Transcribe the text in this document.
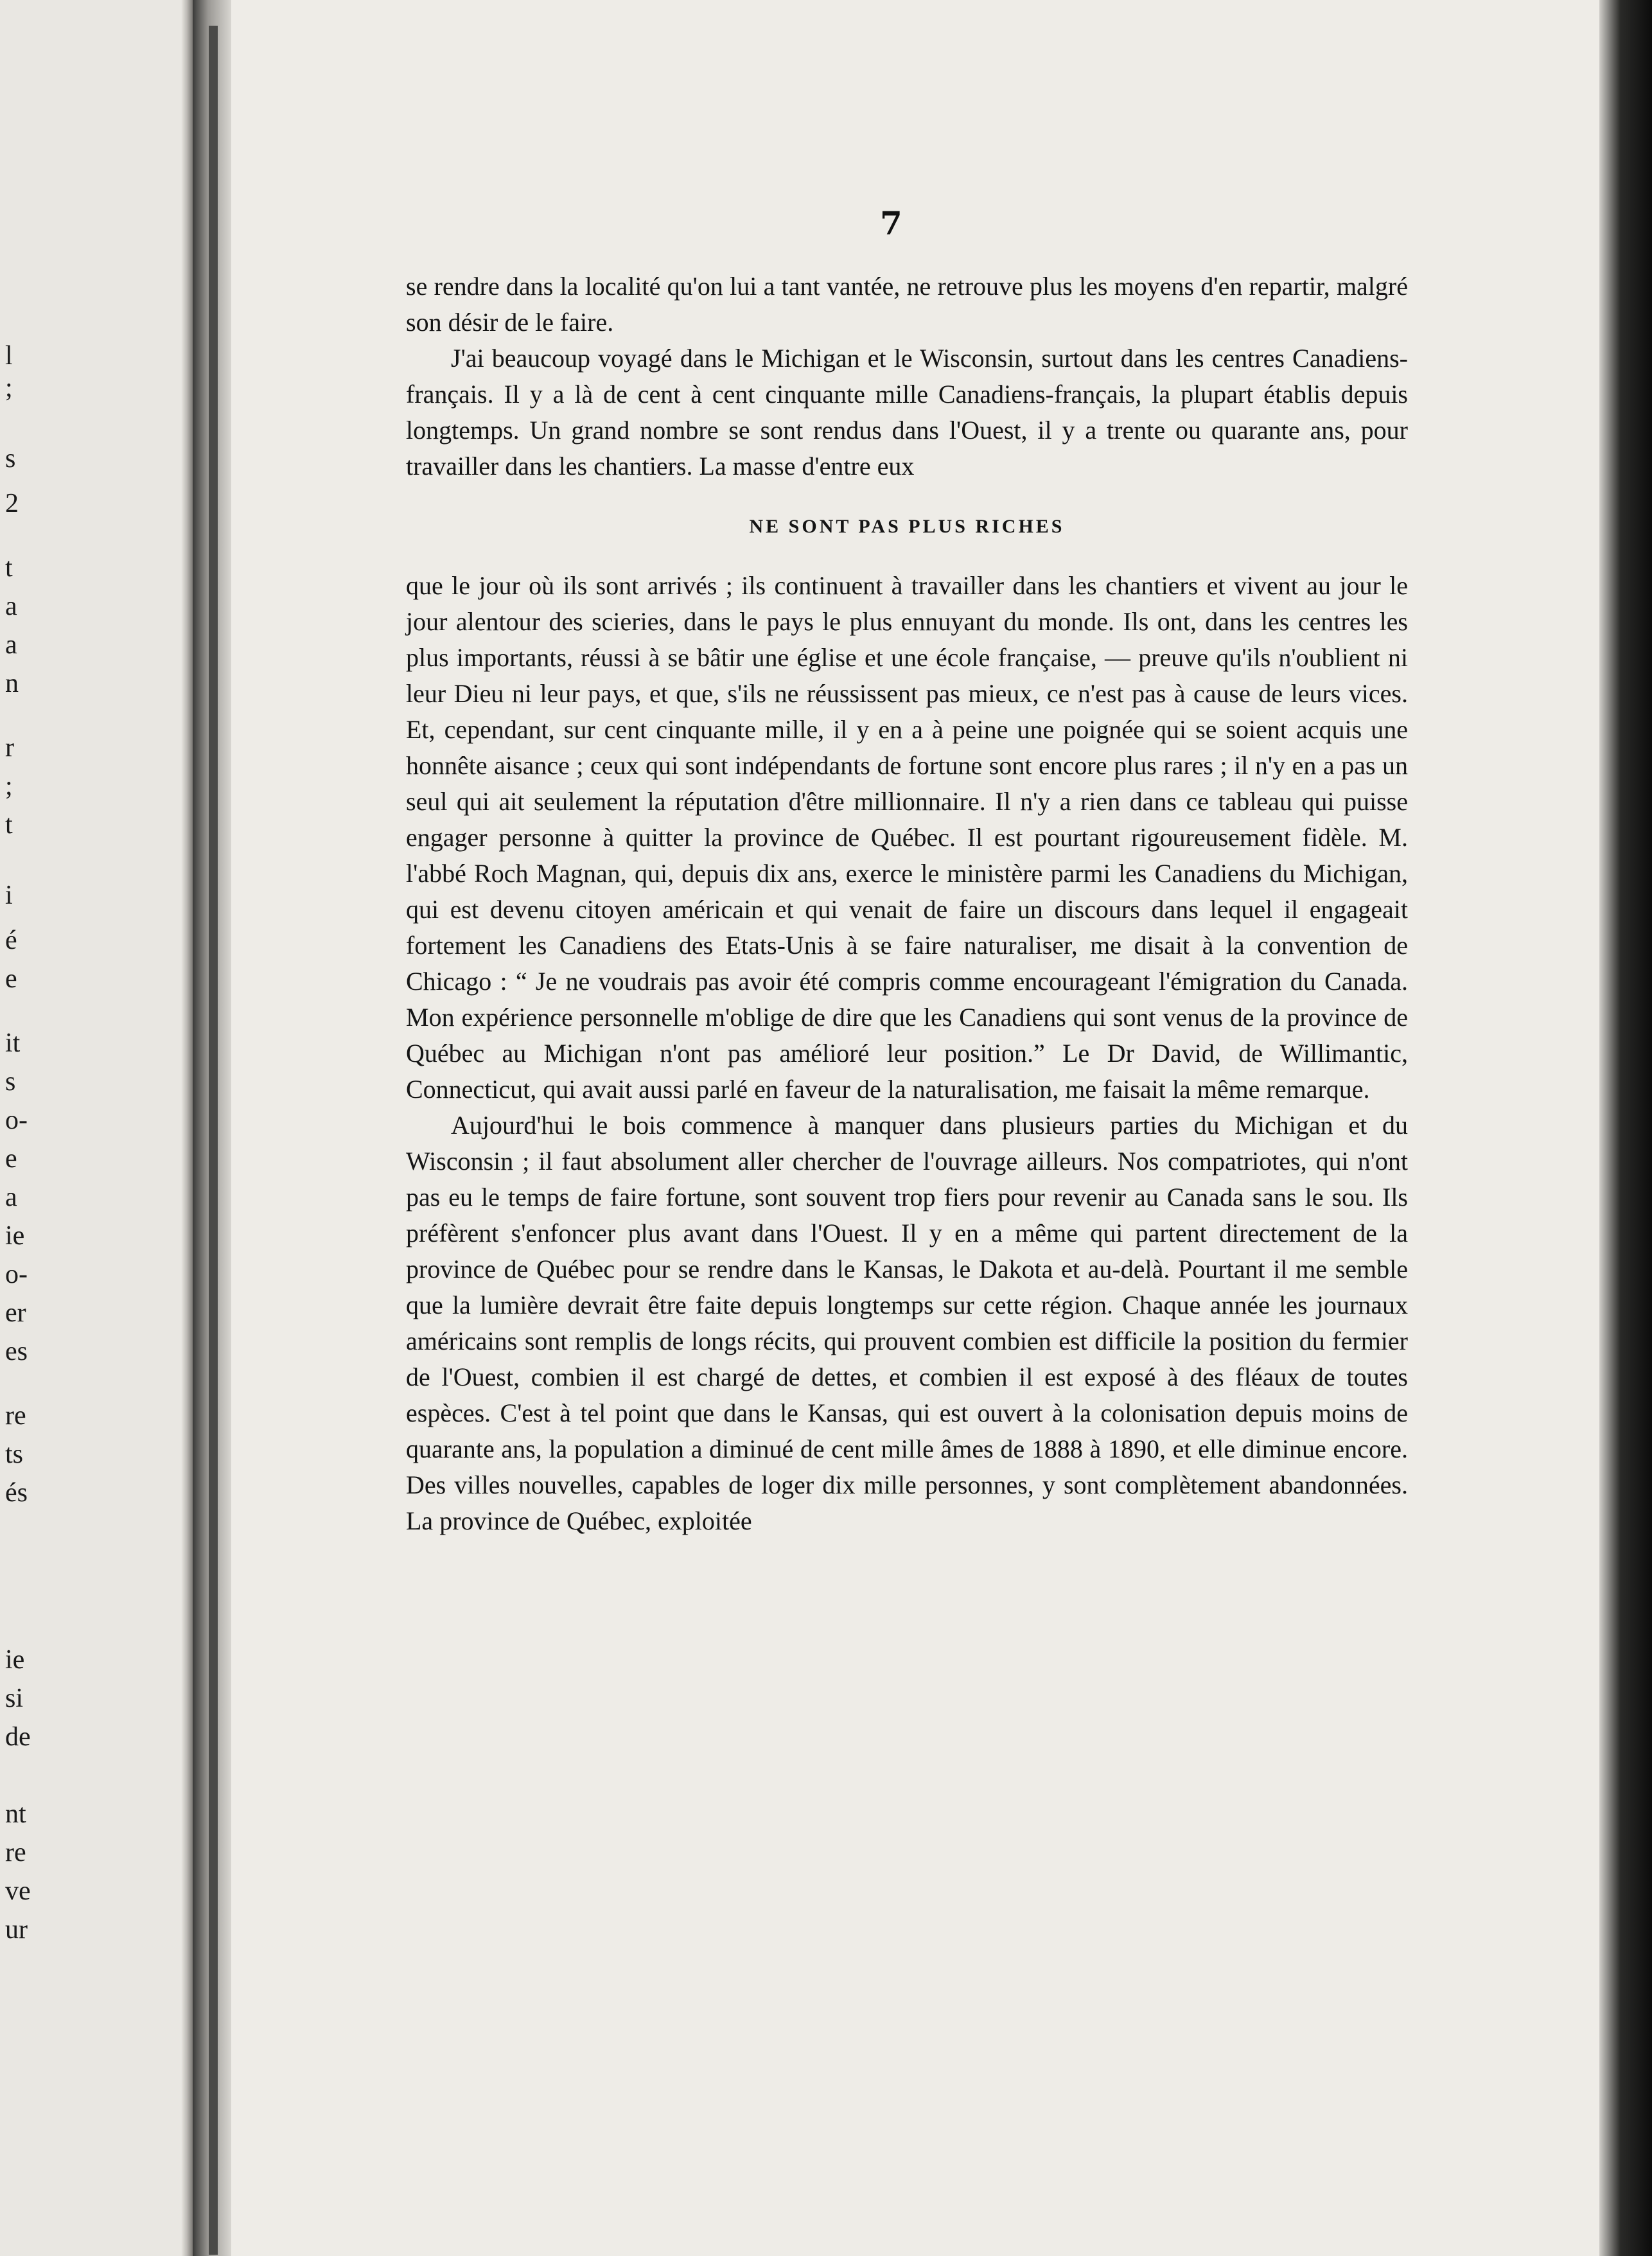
l
;
s
2
t
a
a
n
r
;
t
i
é
e
it
s
o-
e
a
ie
o-
er
es
re
ts
és
ie
si
de
nt
re
ve
ur
7

se rendre dans la localité qu'on lui a tant vantée, ne retrouve plus les moyens d'en repartir, malgré son désir de le faire.

J'ai beaucoup voyagé dans le Michigan et le Wisconsin, surtout dans les centres Canadiens-français. Il y a là de cent à cent cinquante mille Canadiens-français, la plupart établis depuis longtemps. Un grand nombre se sont rendus dans l'Ouest, il y a trente ou quarante ans, pour travailler dans les chantiers. La masse d'entre eux

NE SONT PAS PLUS RICHES

que le jour où ils sont arrivés ; ils continuent à travailler dans les chantiers et vivent au jour le jour alentour des scieries, dans le pays le plus ennuyant du monde. Ils ont, dans les centres les plus importants, réussi à se bâtir une église et une école française, — preuve qu'ils n'oublient ni leur Dieu ni leur pays, et que, s'ils ne réussissent pas mieux, ce n'est pas à cause de leurs vices. Et, cependant, sur cent cinquante mille, il y en a à peine une poignée qui se soient acquis une honnête aisance ; ceux qui sont indépendants de fortune sont encore plus rares ; il n'y en a pas un seul qui ait seulement la réputation d'être millionnaire. Il n'y a rien dans ce tableau qui puisse engager personne à quitter la province de Québec. Il est pourtant rigoureusement fidèle. M. l'abbé Roch Magnan, qui, depuis dix ans, exerce le ministère parmi les Canadiens du Michigan, qui est devenu citoyen américain et qui venait de faire un discours dans lequel il engageait fortement les Canadiens des Etats-Unis à se faire naturaliser, me disait à la convention de Chicago : “ Je ne voudrais pas avoir été compris comme encourageant l'émigration du Canada. Mon expérience personnelle m'oblige de dire que les Canadiens qui sont venus de la province de Québec au Michigan n'ont pas amélioré leur position.” Le Dr David, de Willimantic, Connecticut, qui avait aussi parlé en faveur de la naturalisation, me faisait la même remarque.

Aujourd'hui le bois commence à manquer dans plusieurs parties du Michigan et du Wisconsin ; il faut absolument aller chercher de l'ouvrage ailleurs. Nos compatriotes, qui n'ont pas eu le temps de faire fortune, sont souvent trop fiers pour revenir au Canada sans le sou. Ils préfèrent s'enfoncer plus avant dans l'Ouest. Il y en a même qui partent directement de la province de Québec pour se rendre dans le Kansas, le Dakota et au-delà. Pourtant il me semble que la lumière devrait être faite depuis longtemps sur cette région. Chaque année les journaux américains sont remplis de longs récits, qui prouvent combien est difficile la position du fermier de l'Ouest, combien il est chargé de dettes, et combien il est exposé à des fléaux de toutes espèces. C'est à tel point que dans le Kansas, qui est ouvert à la colonisation depuis moins de quarante ans, la population a diminué de cent mille âmes de 1888 à 1890, et elle diminue encore. Des villes nouvelles, capables de loger dix mille personnes, y sont complètement abandonnées. La province de Québec, exploitée
